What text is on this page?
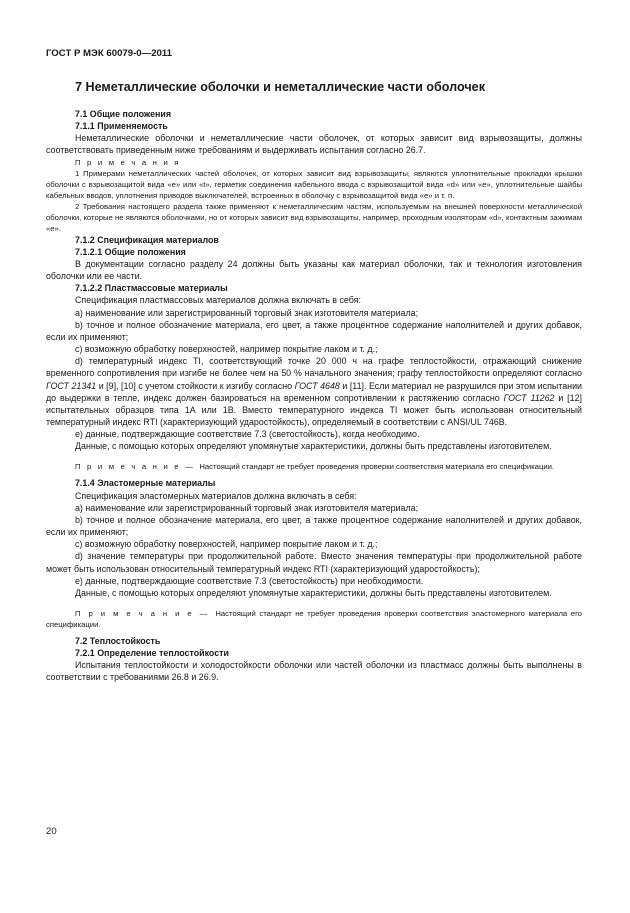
ГОСТ Р МЭК 60079-0—2011
7 Неметаллические оболочки и неметаллические части оболочек

7.1 Общие положения

7.1.1 Применяемость

Неметаллические оболочки и неметаллические части оболочек, от которых зависит вид взрывозащиты, должны соответствовать приведенным ниже требованиям и выдерживать испытания согласно 26.7.

П р и м е ч а н и я

1 Примерами неметаллических частей оболочек, от которых зависит вид взрывозащиты, являются уплотнительные прокладки крышки оболочки с взрывозащитой вида «e» или «t», герметик соединения кабельного ввода с взрывозащитой вида «d» или «e», уплотнительные шайбы кабельных вводов, уплотнения приводов выключателей, встроенных в оболочку с взрывозащитой вида «e» и т. п.

2 Требования настоящего раздела также применяют к неметаллическим частям, используемым на внешней поверхности металлической оболочки, которые не являются оболочками, но от которых зависит вид взрывозащиты, например, проходным изоляторам «d», контактным зажимам «e».

7.1.2 Спецификация материалов

7.1.2.1 Общие положения

В документации согласно разделу 24 должны быть указаны как материал оболочки, так и технология изготовления оболочки или ее части.

7.1.2.2 Пластмассовые материалы

Спецификация пластмассовых материалов должна включать в себя:

a) наименование или зарегистрированный торговый знак изготовителя материала;

b) точное и полное обозначение материала, его цвет, а также процентное содержание наполнителей и других добавок, если их применяют;

c) возможную обработку поверхностей, например покрытие лаком и т. д.;

d) температурный индекс TI, соответствующий точке 20 000 ч на графе теплостойкости, отражающий снижение временного сопротивления при изгибе не более чем на 50 % начального значения; графу теплостойкости определяют согласно ГОСТ 21341 и [9], [10] с учетом стойкости к изгибу согласно ГОСТ 4648 и [11]. Если материал не разрушился при этом испытании до выдержки в тепле, индекс должен базироваться на временном сопротивлении к растяжению согласно ГОСТ 11262 и [12] испытательных образцов типа 1А или 1В. Вместо температурного индекса TI может быть использован относительный температурный индекс RTI (характеризующий ударостойкость), определяемый в соответствии с ANSI/UL 746B.

e) данные, подтверждающие соответствие 7.3 (светостойкость), когда необходимо.

Данные, с помощью которых определяют упомянутые характеристики, должны быть представлены изготовителем.

П р и м е ч а н и е — Настоящий стандарт не требует проведения проверки соответствия материала его спецификации.

7.1.4 Эластомерные материалы

Спецификация эластомерных материалов должна включать в себя:

a) наименование или зарегистрированный торговый знак изготовителя материала;

b) точное и полное обозначение материала, его цвет, а также процентное содержание наполнителей и других добавок, если их применяют;

c) возможную обработку поверхностей, например покрытие лаком и т. д.;

d) значение температуры при продолжительной работе. Вместо значения температуры при продолжительной работе может быть использован относительный температурный индекс RTI (характеризующий ударостойкость);

e) данные, подтверждающие соответствие 7.3 (светостойкость) при необходимости.

Данные, с помощью которых определяют упомянутые характеристики, должны быть представлены изготовителем.

П р и м е ч а н и е — Настоящий стандарт не требует проведения проверки соответствия эластомерного материала его спецификации.

7.2 Теплостойкость

7.2.1 Определение теплостойкости

Испытания теплостойкости и холодостойкости оболочки или частей оболочки из пластмасс должны быть выполнены в соответствии с требованиями 26.8 и 26.9.

20
